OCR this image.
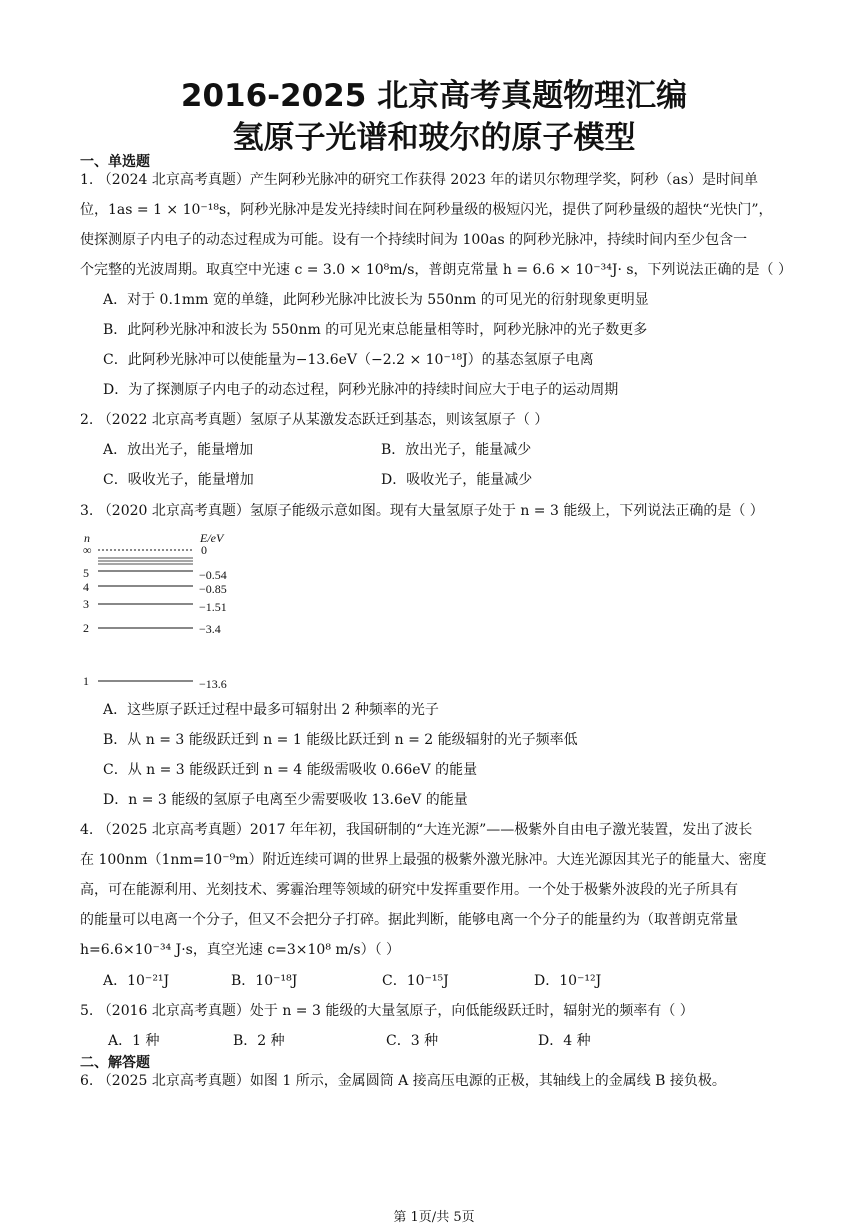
2016-2025 北京高考真题物理汇编
氢原子光谱和玻尔的原子模型
一、单选题
1. （2024 北京高考真题）产生阿秒光脉冲的研究工作获得 2023 年的诺贝尔物理学奖，阿秒（as）是时间单
位，1as = 1 × 10⁻¹⁸s，阿秒光脉冲是发光持续时间在阿秒量级的极短闪光，提供了阿秒量级的超快“光快门”，
使探测原子内电子的动态过程成为可能。设有一个持续时间为 100as 的阿秒光脉冲，持续时间内至少包含一
个完整的光波周期。取真空中光速 c = 3.0 × 10⁸m/s，普朗克常量 h = 6.6 × 10⁻³⁴J· s，下列说法正确的是（ ）
A．对于 0.1mm 宽的单缝，此阿秒光脉冲比波长为 550nm 的可见光的衍射现象更明显
B．此阿秒光脉冲和波长为 550nm 的可见光束总能量相等时，阿秒光脉冲的光子数更多
C．此阿秒光脉冲可以使能量为−13.6eV（−2.2 × 10⁻¹⁸J）的基态氢原子电离
D．为了探测原子内电子的动态过程，阿秒光脉冲的持续时间应大于电子的运动周期
2. （2022 北京高考真题）氢原子从某激发态跃迁到基态，则该氢原子（ ）
A．放出光子，能量增加	B．放出光子，能量减少
C．吸收光子，能量增加	D．吸收光子，能量减少
3. （2020 北京高考真题）氢原子能级示意如图。现有大量氢原子处于 n = 3 能级上，下列说法正确的是（ ）
n	E/eV
∞	0
5	−0.54
4	−0.85
3	−1.51
2	−3.4
1	−13.6
A．这些原子跃迁过程中最多可辐射出 2 种频率的光子
B．从 n = 3 能级跃迁到 n = 1 能级比跃迁到 n = 2 能级辐射的光子频率低
C．从 n = 3 能级跃迁到 n = 4 能级需吸收 0.66eV 的能量
D．n = 3 能级的氢原子电离至少需要吸收 13.6eV 的能量
4. （2025 北京高考真题）2017 年年初，我国研制的“大连光源”——极紫外自由电子激光装置，发出了波长
在 100nm（1nm=10⁻⁹m）附近连续可调的世界上最强的极紫外激光脉冲。大连光源因其光子的能量大、密度
高，可在能源利用、光刻技术、雾霾治理等领域的研究中发挥重要作用。一个处于极紫外波段的光子所具有
的能量可以电离一个分子，但又不会把分子打碎。据此判断，能够电离一个分子的能量约为（取普朗克常量
h=6.6×10⁻³⁴ J·s，真空光速 c=3×10⁸ m/s）（ ）
A．10⁻²¹J	B．10⁻¹⁸J	C．10⁻¹⁵J	D．10⁻¹²J
5. （2016 北京高考真题）处于 n = 3 能级的大量氢原子，向低能级跃迁时，辐射光的频率有（ ）
A．1 种	B．2 种	C．3 种	D．4 种
二、解答题
6. （2025 北京高考真题）如图 1 所示，金属圆筒 A 接高压电源的正极，其轴线上的金属线 B 接负极。
第 1页/共 5页
